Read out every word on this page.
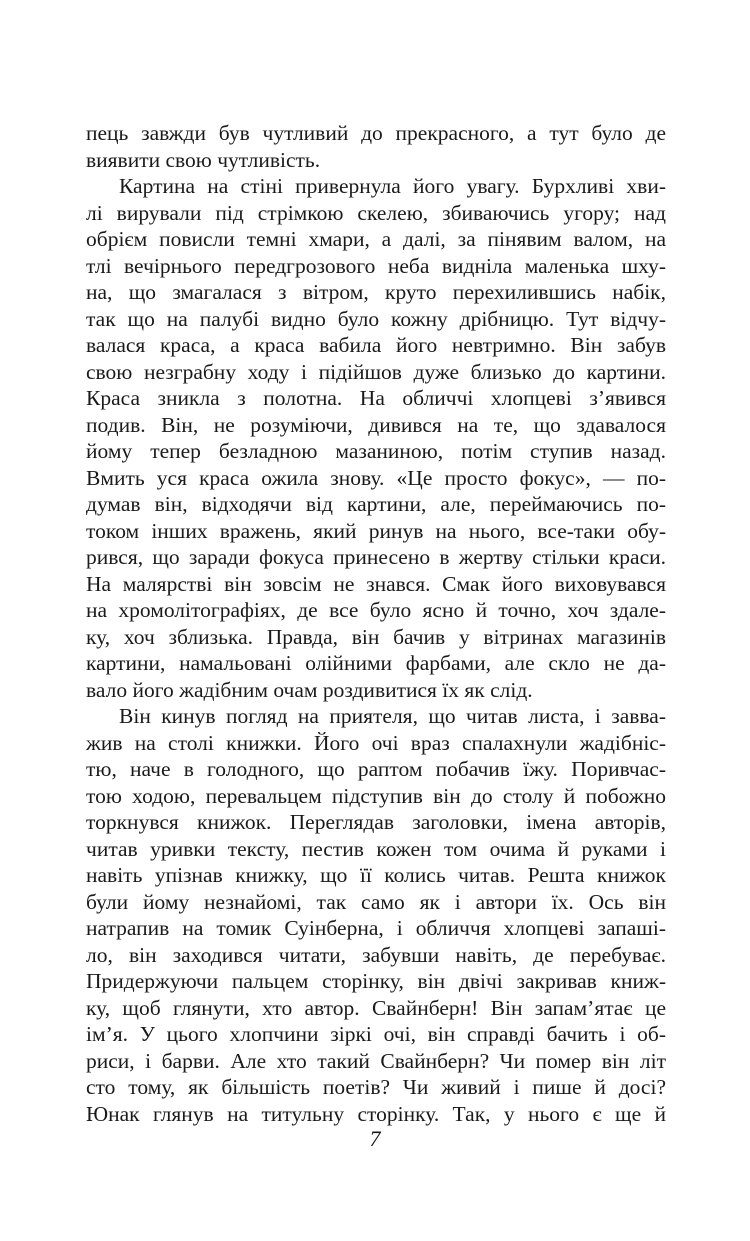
пець завжди був чутливий до прекрасного, а тут було де
виявити свою чутливість.
Картина на стіні привернула його увагу. Бурхливі хви-
лі вирували під стрімкою скелею, збиваючись угору; над
обрієм повисли темні хмари, а далі, за пінявим валом, на
тлі вечірнього передгрозового неба виднiла маленька шху-
на, що змагалася з вітром, круто перехилившись набік,
так що на палубі видно було кожну дрібницю. Тут відчу-
валася краса, а краса вабила його невтримно. Він забув
свою незграбну ходу і підійшов дуже близько до картини.
Краса зникла з полотна. На обличчі хлопцеві з’явився
подив. Він, не розуміючи, дивився на те, що здавалося
йому тепер безладною мазаниною, потім ступив назад.
Вмить уся краса ожила знову. «Це просто фокус», — по-
думав він, відходячи від картини, але, переймаючись по-
током інших вражень, який ринув на нього, все-таки обу-
рився, що заради фокуса принесено в жертву стільки краси.
На малярстві він зовсім не знався. Смак його виховувався
на хромолітографіях, де все було ясно й точно, хоч здале-
ку, хоч зблизька. Правда, він бачив у вітринах магазинів
картини, намальовані олійними фарбами, але скло не да-
вало його жадібним очам роздивитися їх як слід.
Він кинув погляд на приятеля, що читав листа, і завва-
жив на столі книжки. Його очі враз спалахнули жадібніс-
тю, наче в голодного, що раптом побачив їжу. Поривчас-
тою ходою, перевальцем підступив він до столу й побожно
торкнувся книжок. Переглядав заголовки, імена авторів,
читав уривки тексту, пестив кожен том очима й руками і
навіть упізнав книжку, що її колись читав. Решта книжок
були йому незнайомі, так само як і автори їх. Ось він
натрапив на томик Суінберна, і обличчя хлопцеві запаші-
ло, він заходився читати, забувши навіть, де перебуває.
Придержуючи пальцем сторінку, він двічі закривав книж-
ку, щоб глянути, хто автор. Свайнберн! Він запам’ятає це
ім’я. У цього хлопчини зіркі очі, він справді бачить і об-
риси, і барви. Але хто такий Свайнберн? Чи помер він літ
сто тому, як більшість поетів? Чи живий і пише й досі?
Юнак глянув на титульну сторінку. Так, у нього є ще й
7
